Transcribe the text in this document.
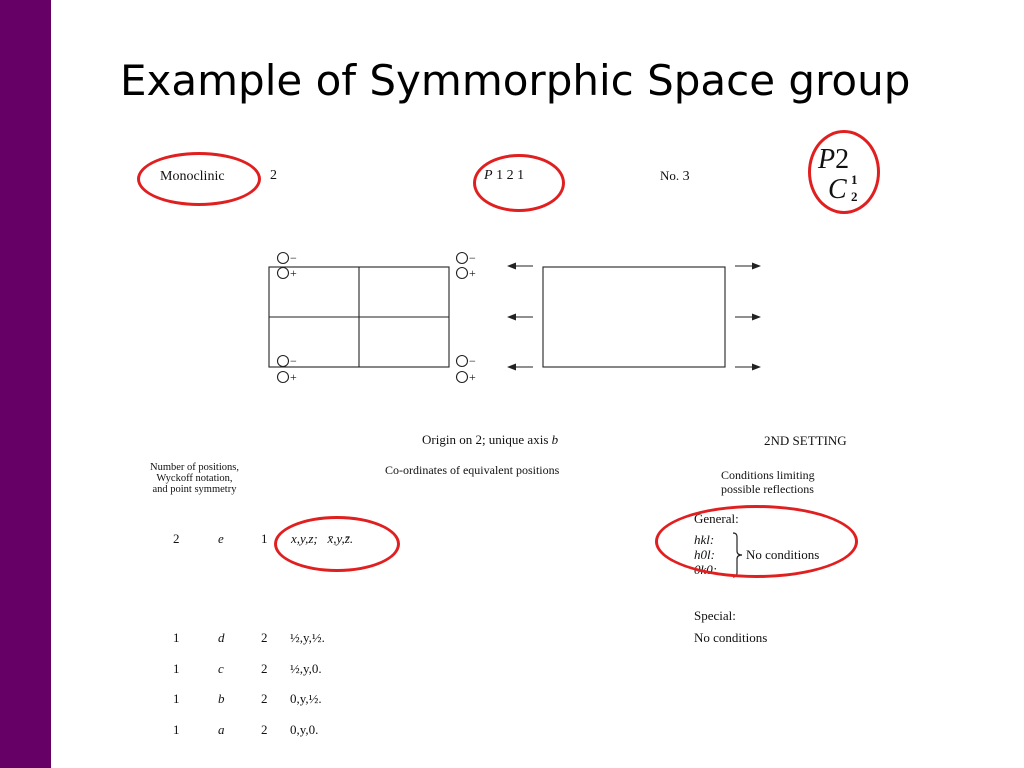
Example of Symmorphic Space group
Monoclinic	2	P 1 2 1	No. 3
P2
C 1
2
−
+
−
+
−
+
−
+
Origin on 2; unique axis b	2ND SETTING
Number of positions,
Wyckoff notation,
and point symmetry
Co-ordinates of equivalent positions	Conditions limiting
possible reflections
General:
2	e	1 x,y,z; x̄,y,z̄.	hkl:
h0l:
0k0:
No conditions
Special:
No conditions
1	d	2 ½,y,½.
1	c	2 ½,y,0.
1	b	2 0,y,½.
1	a	2 0,y,0.
